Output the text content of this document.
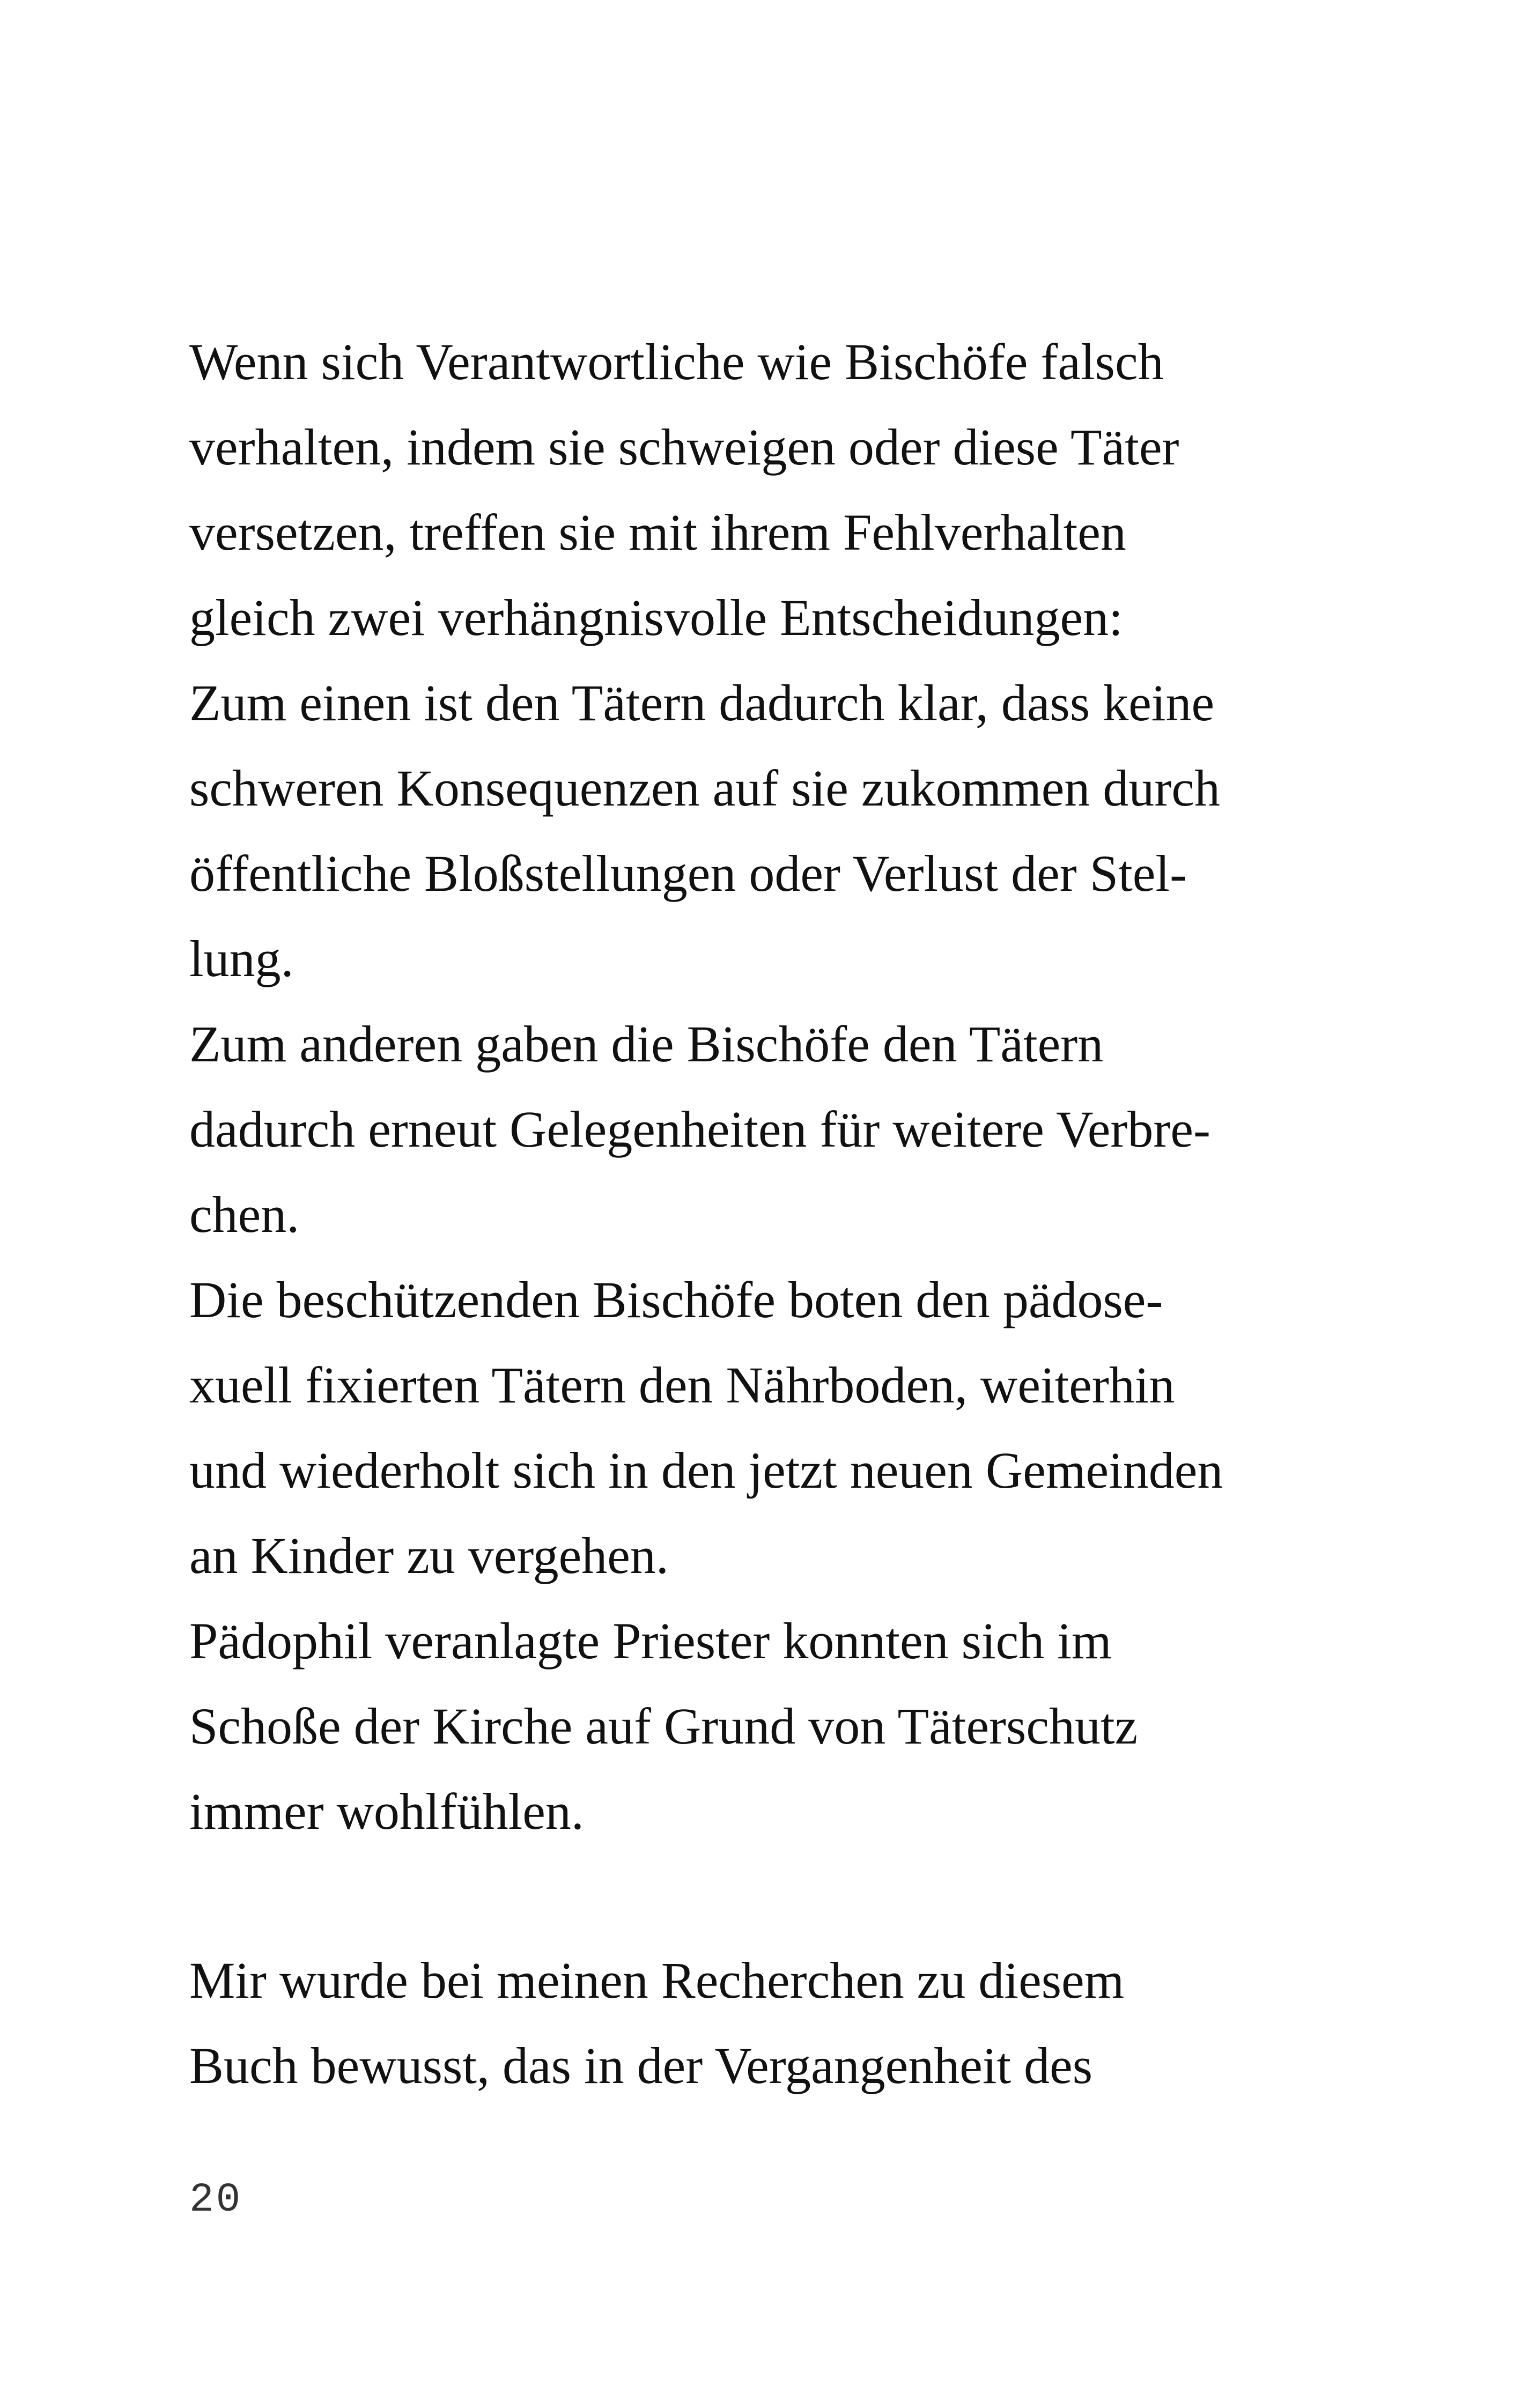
Wenn sich Verantwortliche wie Bischöfe falsch
verhalten, indem sie schweigen oder diese Täter
versetzen, treffen sie mit ihrem Fehlverhalten
gleich zwei verhängnisvolle Entscheidungen:
Zum einen ist den Tätern dadurch klar, dass keine
schweren Konsequenzen auf sie zukommen durch
öffentliche Bloßstellungen oder Verlust der Stel-
lung.
Zum anderen gaben die Bischöfe den Tätern
dadurch erneut Gelegenheiten für weitere Verbre-
chen.
Die beschützenden Bischöfe boten den pädose-
xuell fixierten Tätern den Nährboden, weiterhin
und wiederholt sich in den jetzt neuen Gemeinden
an Kinder zu vergehen.
Pädophil veranlagte Priester konnten sich im
Schoße der Kirche auf Grund von Täterschutz
immer wohlfühlen.
Mir wurde bei meinen Recherchen zu diesem
Buch bewusst, das in der Vergangenheit des
20
